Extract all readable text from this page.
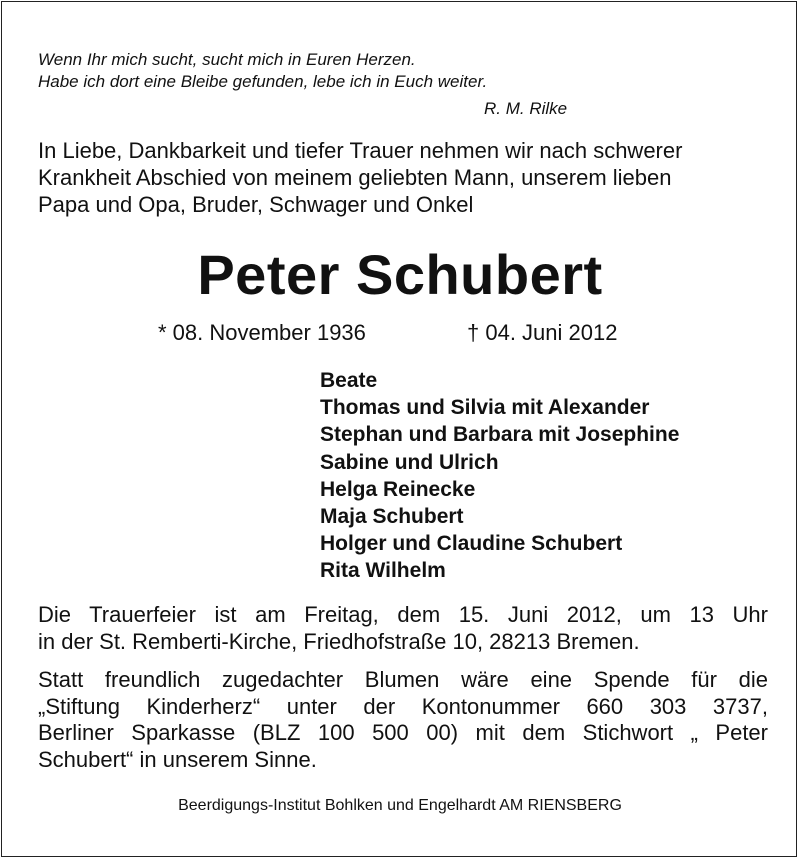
Wenn Ihr mich sucht, sucht mich in Euren Herzen.
Habe ich dort eine Bleibe gefunden, lebe ich in Euch weiter.
R. M. Rilke
In Liebe, Dankbarkeit und tiefer Trauer nehmen wir nach schwerer
Krankheit Abschied von meinem geliebten Mann, unserem lieben
Papa und Opa, Bruder, Schwager und Onkel
Peter Schubert
* 08. November 1936	† 04. Juni 2012
Beate
Thomas und Silvia mit Alexander
Stephan und Barbara mit Josephine
Sabine und Ulrich
Helga Reinecke
Maja Schubert
Holger und Claudine Schubert
Rita Wilhelm
Die Trauerfeier ist am Freitag, dem 15. Juni 2012, um 13 Uhr
in der St. Remberti-Kirche, Friedhofstraße 10, 28213 Bremen.
Statt freundlich zugedachter Blumen wäre eine Spende für die
„Stiftung Kinderherz“ unter der Kontonummer 660 303 3737,
Berliner Sparkasse (BLZ 100 500 00) mit dem Stichwort „ Peter
Schubert“ in unserem Sinne.
Beerdigungs-Institut Bohlken und Engelhardt AM RIENSBERG
